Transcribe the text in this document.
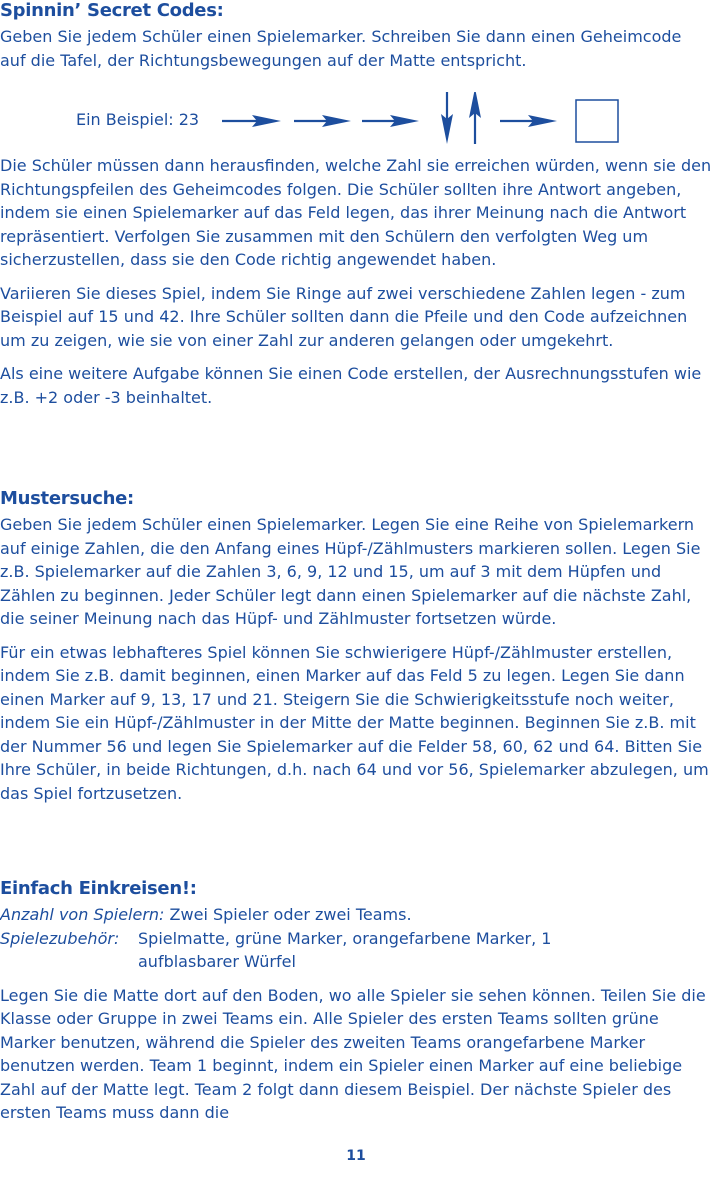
Spinnin’ Secret Codes:

Geben Sie jedem Schüler einen Spielemarker. Schreiben Sie dann einen Geheimcode auf die Tafel, der Richtungsbewegungen auf der Matte entspricht.

Ein Beispiel: 23

Die Schüler müssen dann herausfinden, welche Zahl sie erreichen würden, wenn sie den Richtungspfeilen des Geheimcodes folgen. Die Schüler sollten ihre Antwort angeben, indem sie einen Spielemarker auf das Feld legen, das ihrer Meinung nach die Antwort repräsentiert. Verfolgen Sie zusammen mit den Schülern den verfolgten Weg um sicherzustellen, dass sie den Code richtig angewendet haben.

Variieren Sie dieses Spiel, indem Sie Ringe auf zwei verschiedene Zahlen legen - zum Beispiel auf 15 und 42. Ihre Schüler sollten dann die Pfeile und den Code aufzeichnen um zu zeigen, wie sie von einer Zahl zur anderen gelangen oder umgekehrt.

Als eine weitere Aufgabe können Sie einen Code erstellen, der Ausrechnungsstufen wie z.B. +2 oder -3 beinhaltet.

Mustersuche:

Geben Sie jedem Schüler einen Spielemarker. Legen Sie eine Reihe von Spielemarkern auf einige Zahlen, die den Anfang eines Hüpf-/Zählmusters markieren sollen. Legen Sie z.B. Spielemarker auf die Zahlen 3, 6, 9, 12 und 15, um auf 3 mit dem Hüpfen und Zählen zu beginnen. Jeder Schüler legt dann einen Spielemarker auf die nächste Zahl, die seiner Meinung nach das Hüpf- und Zählmuster fortsetzen würde.

Für ein etwas lebhafteres Spiel können Sie schwierigere Hüpf-/Zählmuster erstellen, indem Sie z.B. damit beginnen, einen Marker auf das Feld 5 zu legen. Legen Sie dann einen Marker auf 9, 13, 17 und 21. Steigern Sie die Schwierigkeitsstufe noch weiter, indem Sie ein Hüpf-/Zählmuster in der Mitte der Matte beginnen. Beginnen Sie z.B. mit der Nummer 56 und legen Sie Spielemarker auf die Felder 58, 60, 62 und 64. Bitten Sie Ihre Schüler, in beide Richtungen, d.h. nach 64 und vor 56, Spielemarker abzulegen, um das Spiel fortzusetzen.

Einfach Einkreisen!:

Anzahl von Spielern: Zwei Spieler oder zwei Teams.

Spielezubehör:	Spielmatte, grüne Marker, orangefarbene Marker, 1 aufblasbarer Würfel

Legen Sie die Matte dort auf den Boden, wo alle Spieler sie sehen können. Teilen Sie die Klasse oder Gruppe in zwei Teams ein. Alle Spieler des ersten Teams sollten grüne Marker benutzen, während die Spieler des zweiten Teams orangefarbene Marker benutzen werden. Team 1 beginnt, indem ein Spieler einen Marker auf eine beliebige Zahl auf der Matte legt. Team 2 folgt dann diesem Beispiel. Der nächste Spieler des ersten Teams muss dann die

11
